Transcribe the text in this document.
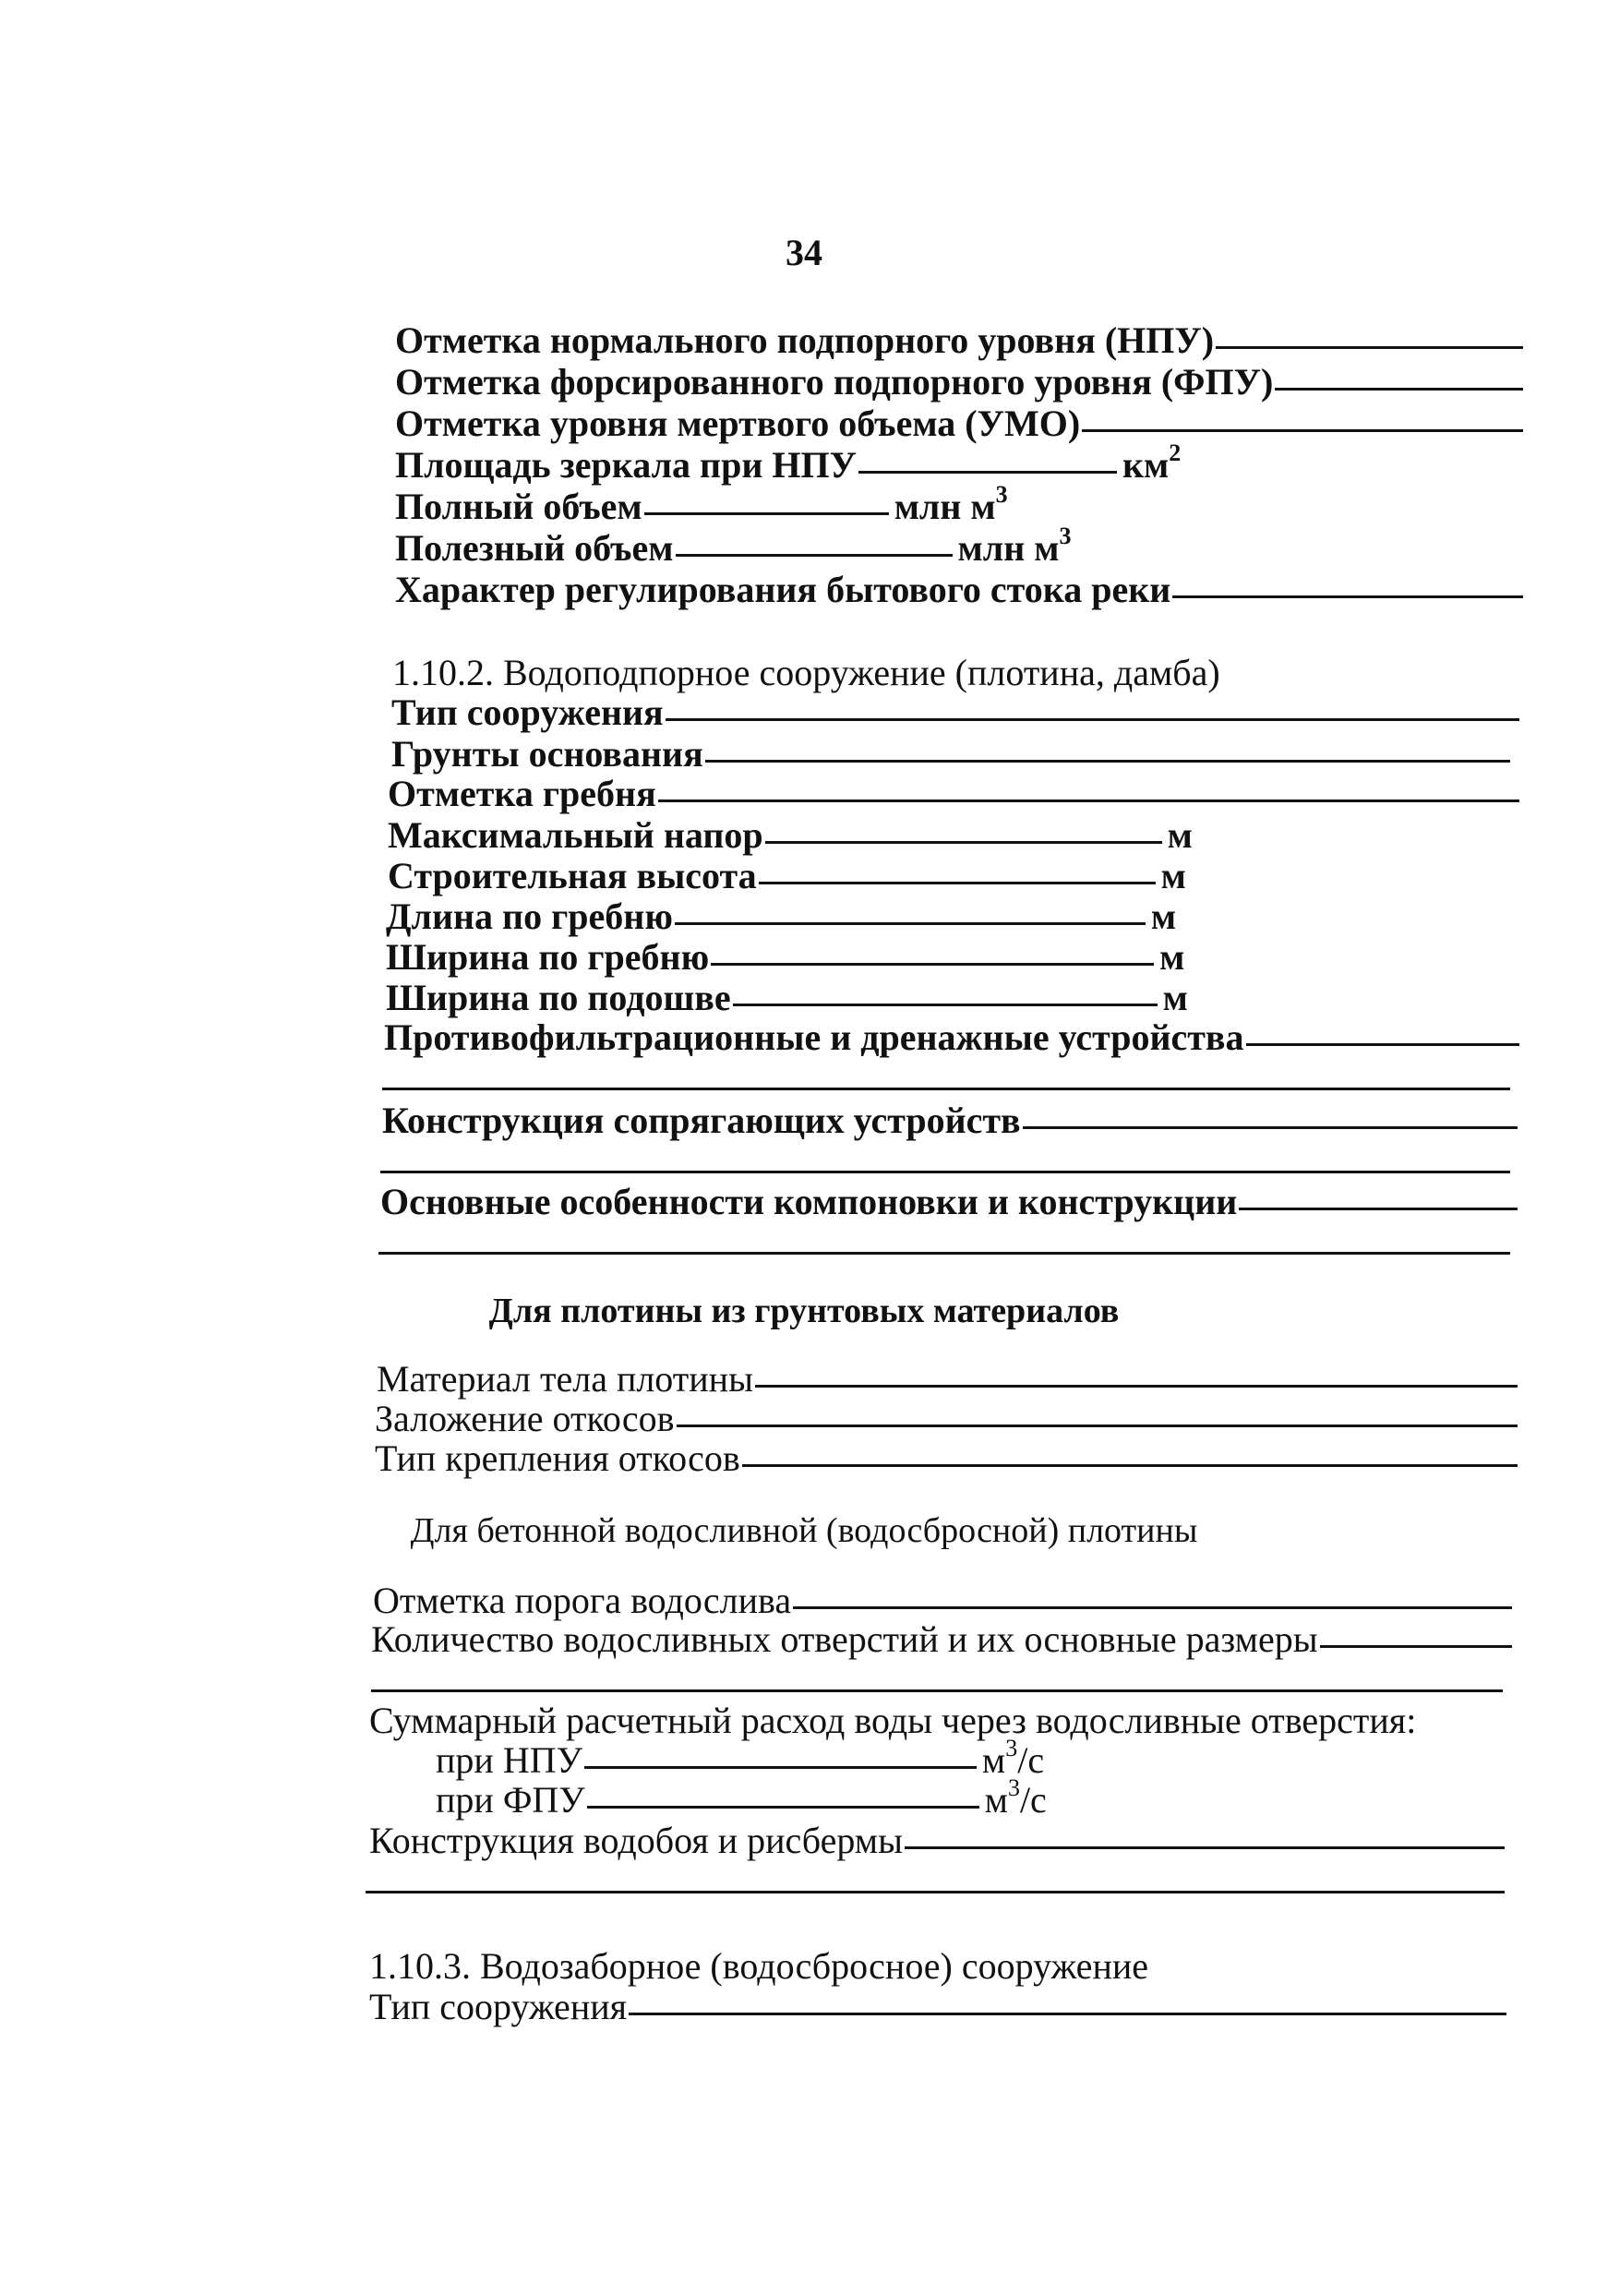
34
Отметка нормального подпорного уровня (НПУ)
Отметка форсированного подпорного уровня (ФПУ)
Отметка уровня мертвого объема (УМО)
Площадь зеркала при НПУ	$км^2$
Полный объем	млн $м^3$
Полезный объем	млн $м^3$
Характер регулирования бытового стока реки
1.10.2. Водоподпорное сооружение (плотина, дамба)
Тип сооружения
Грунты основания
Отметка гребня
Максимальный напор	м
Строительная высота	м
Длина по гребню	м
Ширина по гребню	м
Ширина по подошве	м
Противофильтрационные и дренажные устройства
Конструкция сопрягающих устройств
Основные особенности компоновки и конструкции
Для плотины из грунтовых материалов
Материал тела плотины
Заложение откосов
Тип крепления откосов
Для бетонной водосливной (водосбросной) плотины
Отметка порога водослива
Количество водосливных отверстий и их основные размеры
Суммарный расчетный расход воды через водосливные отверстия:
при НПУ	$м^3/с$
при ФПУ	$м^3/с$
Конструкция водобоя и рисбермы
1.10.3. Водозаборное (водосбросное) сооружение
Тип сооружения
